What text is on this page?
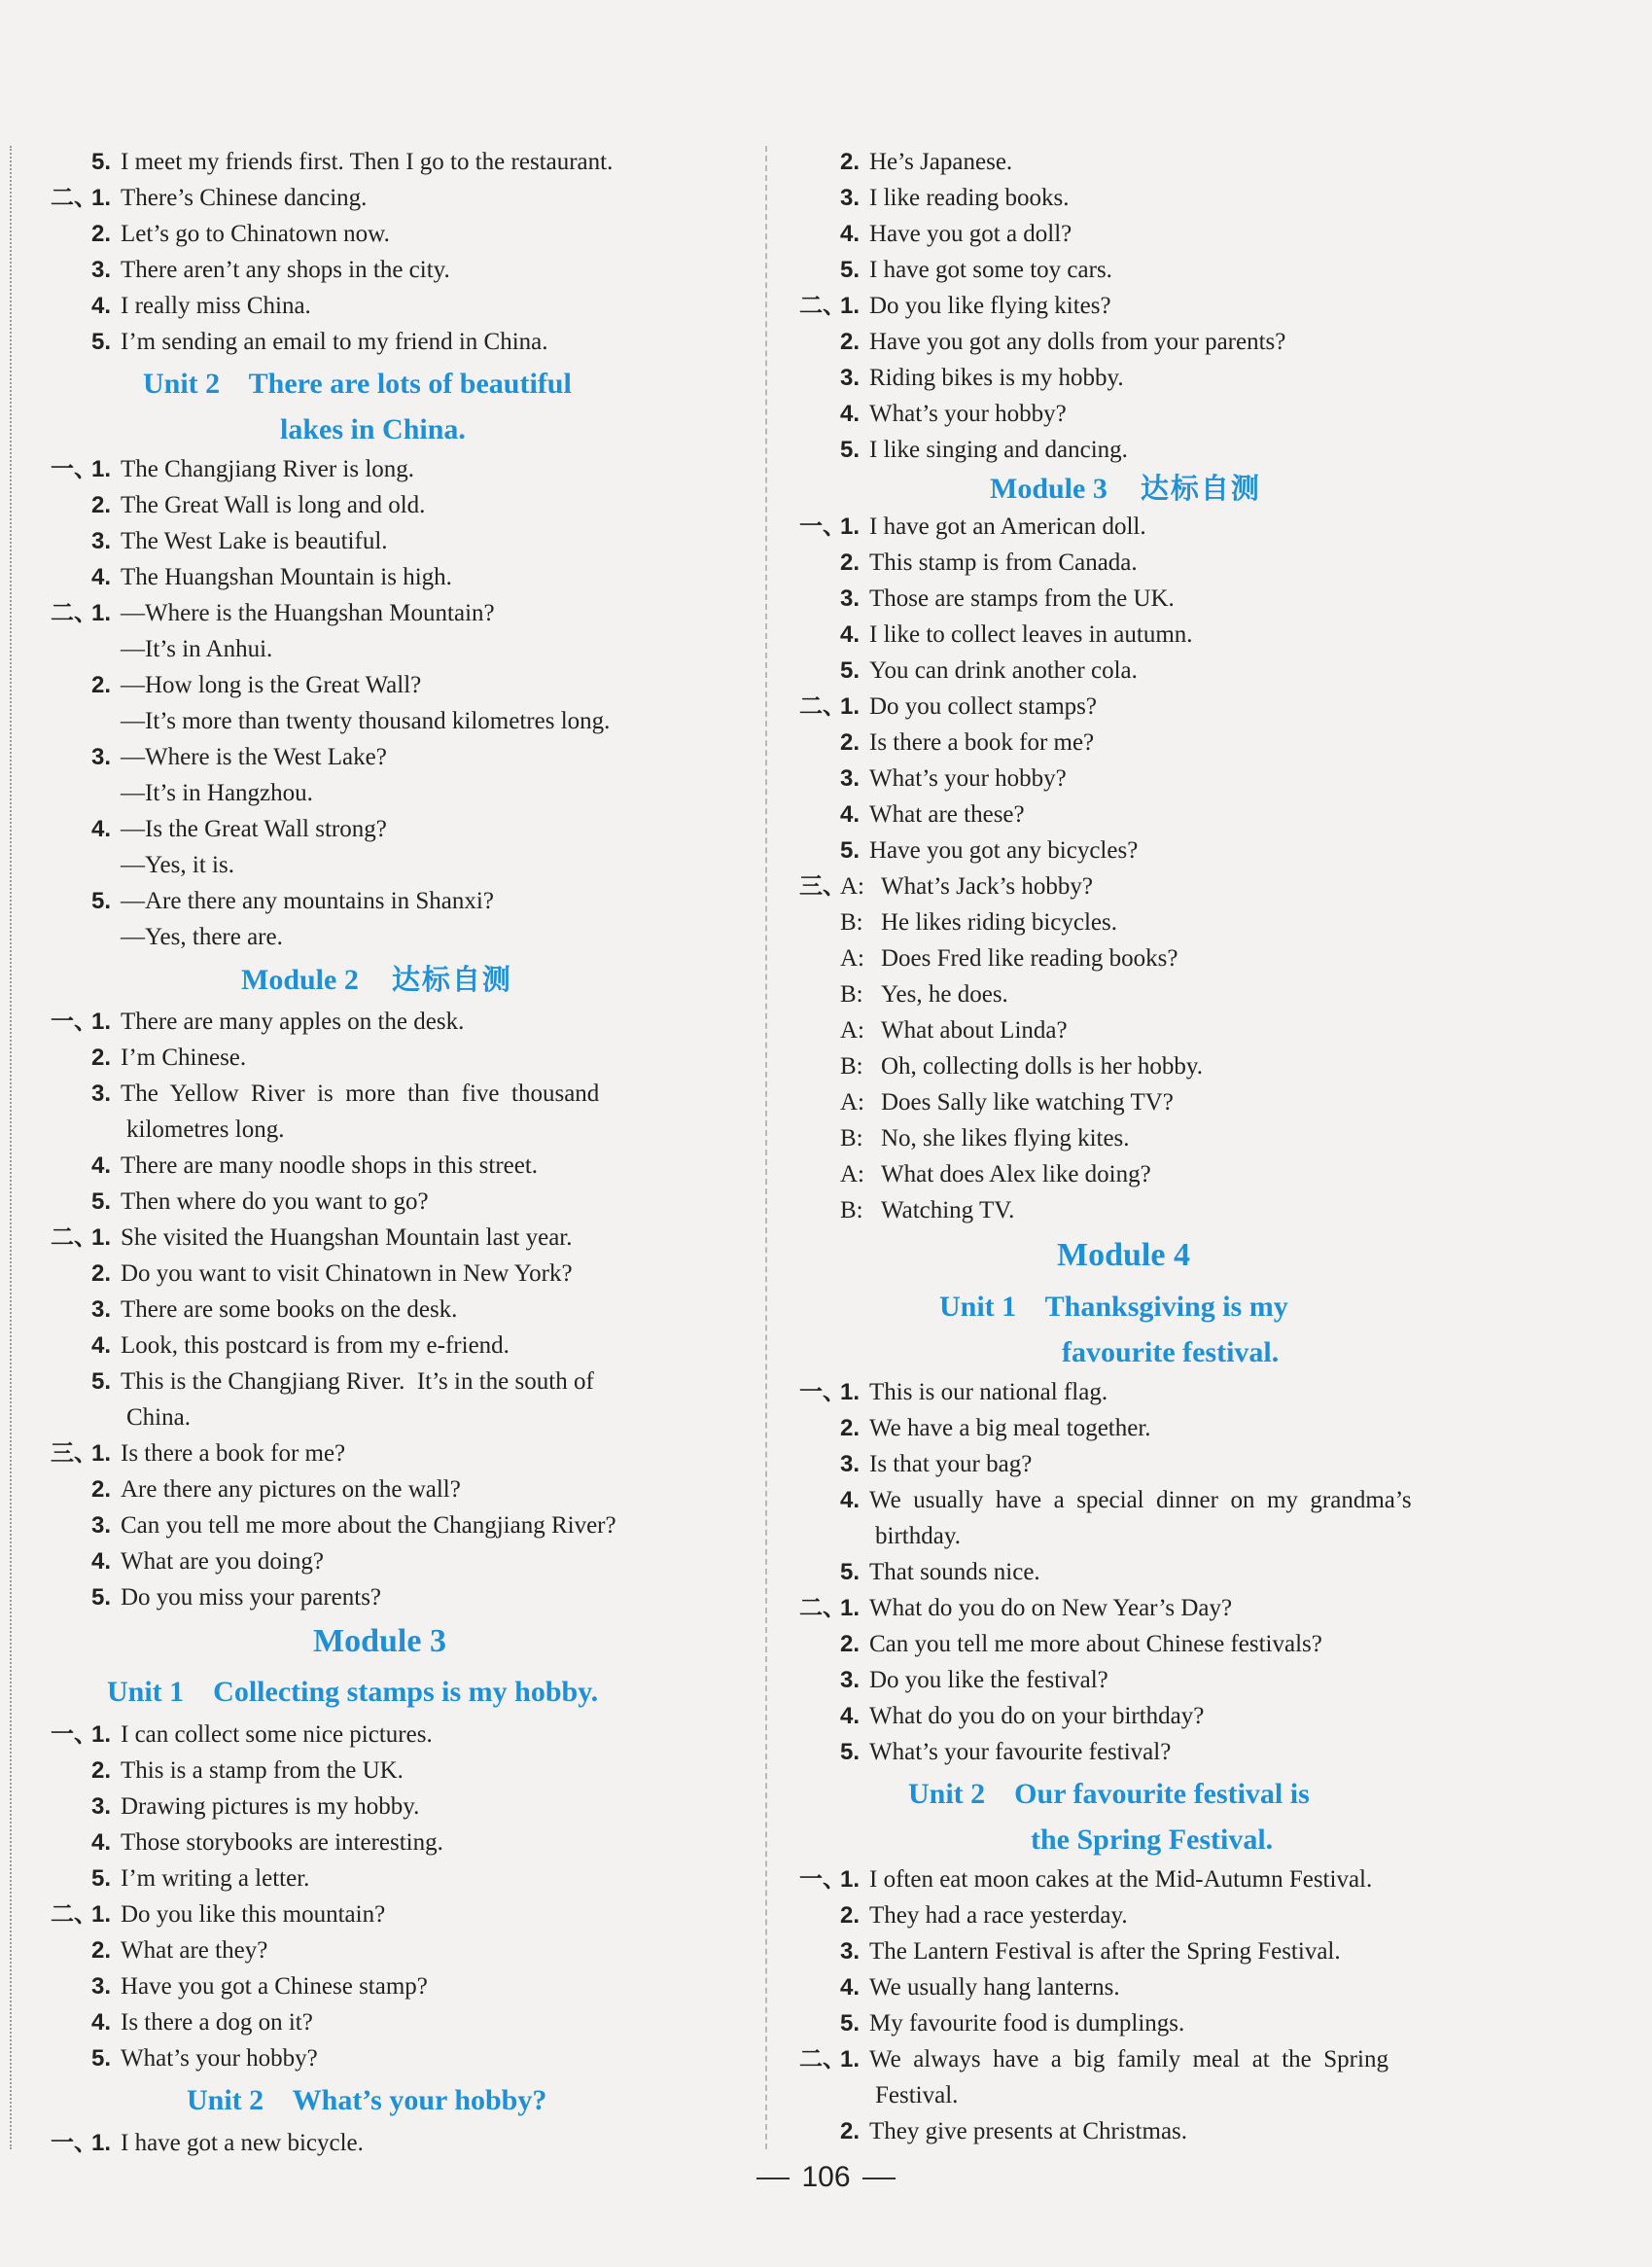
5. I meet my friends first. Then I go to the restaurant.
二、1. There’s Chinese dancing.
2. Let’s go to Chinatown now.
3. There aren’t any shops in the city.
4. I really miss China.
5. I’m sending an email to my friend in China.
Unit 2    There are lots of beautiful
lakes in China.
一、1. The Changjiang River is long.
2. The Great Wall is long and old.
3. The West Lake is beautiful.
4. The Huangshan Mountain is high.
二、1. —Where is the Huangshan Mountain?
—It’s in Anhui.
2. —How long is the Great Wall?
—It’s more than twenty thousand kilometres long.
3. —Where is the West Lake?
—It’s in Hangzhou.
4. —Is the Great Wall strong?
—Yes, it is.
5. —Are there any mountains in Shanxi?
—Yes, there are.
Module 2 达标自测
一、1. There are many apples on the desk.
2. I’m Chinese.
3. The  Yellow  River  is  more  than  five  thousand
kilometres long.
4. There are many noodle shops in this street.
5. Then where do you want to go?
二、1. She visited the Huangshan Mountain last year.
2. Do you want to visit Chinatown in New York?
3. There are some books on the desk.
4. Look, this postcard is from my e-friend.
5. This is the Changjiang River.  It’s in the south of
China.
三、1. Is there a book for me?
2. Are there any pictures on the wall?
3. Can you tell me more about the Changjiang River?
4. What are you doing?
5. Do you miss your parents?
Module 3
Unit 1    Collecting stamps is my hobby.
一、1. I can collect some nice pictures.
2. This is a stamp from the UK.
3. Drawing pictures is my hobby.
4. Those storybooks are interesting.
5. I’m writing a letter.
二、1. Do you like this mountain?
2. What are they?
3. Have you got a Chinese stamp?
4. Is there a dog on it?
5. What’s your hobby?
Unit 2    What’s your hobby?
一、1. I have got a new bicycle.
2. He’s Japanese.
3. I like reading books.
4. Have you got a doll?
5. I have got some toy cars.
二、1. Do you like flying kites?
2. Have you got any dolls from your parents?
3. Riding bikes is my hobby.
4. What’s your hobby?
5. I like singing and dancing.
Module 3 达标自测
一、1. I have got an American doll.
2. This stamp is from Canada.
3. Those are stamps from the UK.
4. I like to collect leaves in autumn.
5. You can drink another cola.
二、1. Do you collect stamps?
2. Is there a book for me?
3. What’s your hobby?
4. What are these?
5. Have you got any bicycles?
三、A: What’s Jack’s hobby?
B: He likes riding bicycles.
A: Does Fred like reading books?
B: Yes, he does.
A: What about Linda?
B: Oh, collecting dolls is her hobby.
A: Does Sally like watching TV?
B: No, she likes flying kites.
A: What does Alex like doing?
B: Watching TV.
Module 4
Unit 1    Thanksgiving is my
favourite festival.
一、1. This is our national flag.
2. We have a big meal together.
3. Is that your bag?
4. We  usually  have  a  special  dinner  on  my  grandma’s
birthday.
5. That sounds nice.
二、1. What do you do on New Year’s Day?
2. Can you tell me more about Chinese festivals?
3. Do you like the festival?
4. What do you do on your birthday?
5. What’s your favourite festival?
Unit 2    Our favourite festival is
the Spring Festival.
一、1. I often eat moon cakes at the Mid-Autumn Festival.
2. They had a race yesterday.
3. The Lantern Festival is after the Spring Festival.
4. We usually hang lanterns.
5. My favourite food is dumplings.
二、1. We  always  have  a  big  family  meal  at  the  Spring
Festival.
2. They give presents at Christmas.
106
